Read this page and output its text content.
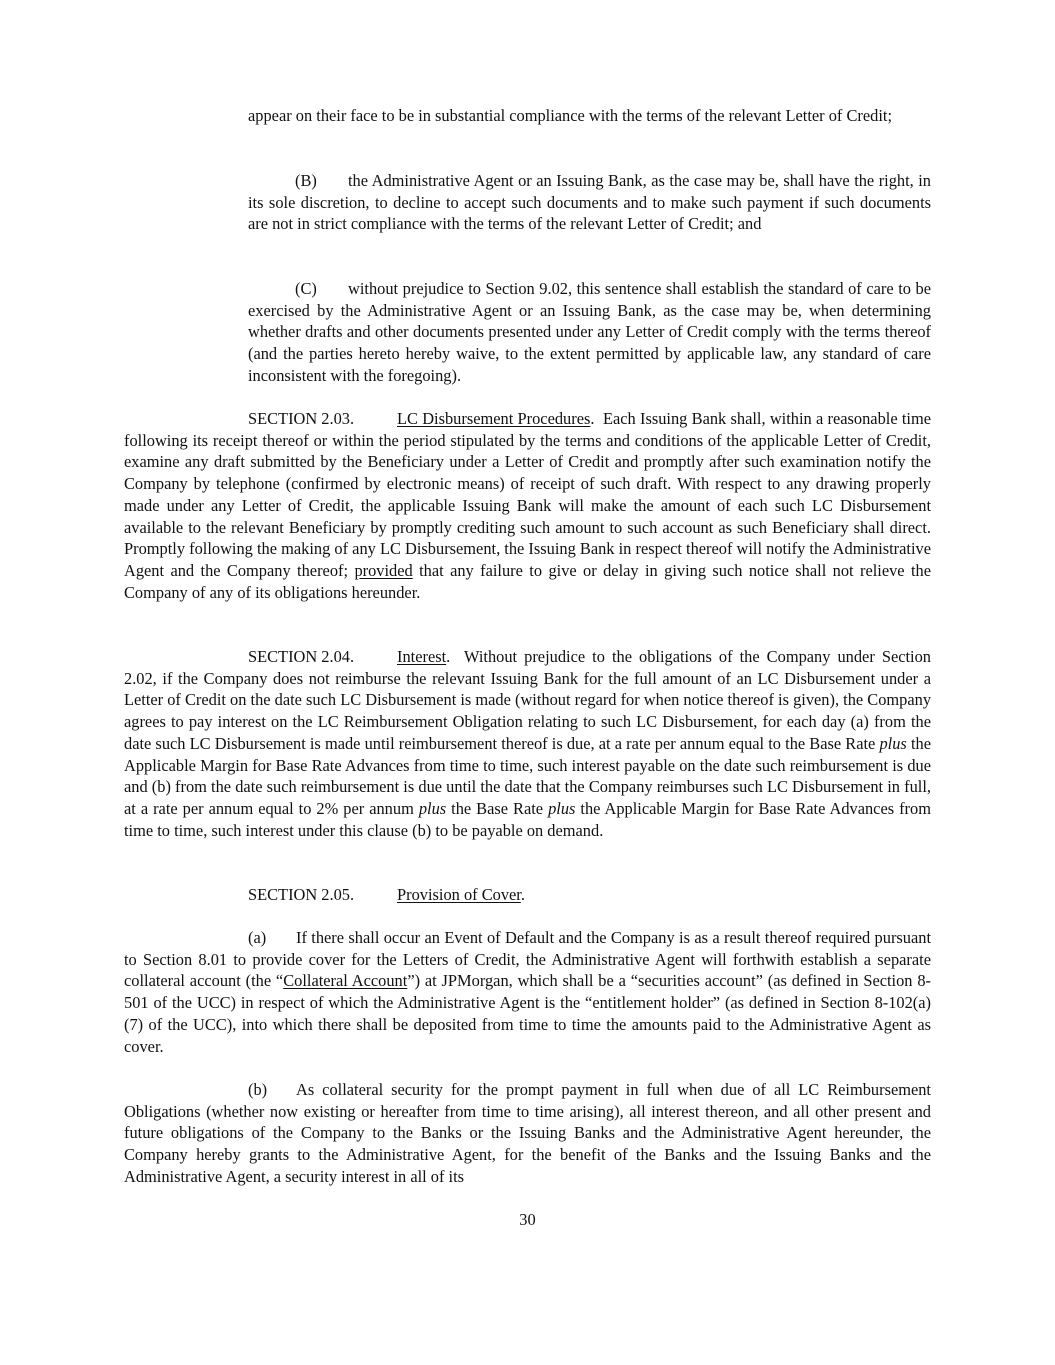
appear on their face to be in substantial compliance with the terms of the relevant Letter of Credit;

(B) the Administrative Agent or an Issuing Bank, as the case may be, shall have the right, in its sole discretion, to decline to accept such documents and to make such payment if such documents are not in strict compliance with the terms of the relevant Letter of Credit; and

(C) without prejudice to Section 9.02, this sentence shall establish the standard of care to be exercised by the Administrative Agent or an Issuing Bank, as the case may be, when determining whether drafts and other documents presented under any Letter of Credit comply with the terms thereof (and the parties hereto hereby waive, to the extent permitted by applicable law, any standard of care inconsistent with the foregoing).

SECTION 2.03.	LC Disbursement Procedures.  Each Issuing Bank shall, within a reasonable time following its receipt thereof or within the period stipulated by the terms and conditions of the applicable Letter of Credit, examine any draft submitted by the Beneficiary under a Letter of Credit and promptly after such examination notify the Company by telephone (confirmed by electronic means) of receipt of such draft. With respect to any drawing properly made under any Letter of Credit, the applicable Issuing Bank will make the amount of each such LC Disbursement available to the relevant Beneficiary by promptly crediting such amount to such account as such Beneficiary shall direct. Promptly following the making of any LC Disbursement, the Issuing Bank in respect thereof will notify the Administrative Agent and the Company thereof; provided that any failure to give or delay in giving such notice shall not relieve the Company of any of its obligations hereunder.

SECTION 2.04.	Interest.  Without prejudice to the obligations of the Company under Section 2.02, if the Company does not reimburse the relevant Issuing Bank for the full amount of an LC Disbursement under a Letter of Credit on the date such LC Disbursement is made (without regard for when notice thereof is given), the Company agrees to pay interest on the LC Reimbursement Obligation relating to such LC Disbursement, for each day (a) from the date such LC Disbursement is made until reimbursement thereof is due, at a rate per annum equal to the Base Rate plus the Applicable Margin for Base Rate Advances from time to time, such interest payable on the date such reimbursement is due and (b) from the date such reimbursement is due until the date that the Company reimburses such LC Disbursement in full, at a rate per annum equal to 2% per annum plus the Base Rate plus the Applicable Margin for Base Rate Advances from time to time, such interest under this clause (b) to be payable on demand.

SECTION 2.05.	Provision of Cover.

(a) If there shall occur an Event of Default and the Company is as a result thereof required pursuant to Section 8.01 to provide cover for the Letters of Credit, the Administrative Agent will forthwith establish a separate collateral account (the “Collateral Account”) at JPMorgan, which shall be a “securities account” (as defined in Section 8-501 of the UCC) in respect of which the Administrative Agent is the “entitlement holder” (as defined in Section 8-102(a)(7) of the UCC), into which there shall be deposited from time to time the amounts paid to the Administrative Agent as cover.

(b) As collateral security for the prompt payment in full when due of all LC Reimbursement Obligations (whether now existing or hereafter from time to time arising), all interest thereon, and all other present and future obligations of the Company to the Banks or the Issuing Banks and the Administrative Agent hereunder, the Company hereby grants to the Administrative Agent, for the benefit of the Banks and the Issuing Banks and the Administrative Agent, a security interest in all of its

30
